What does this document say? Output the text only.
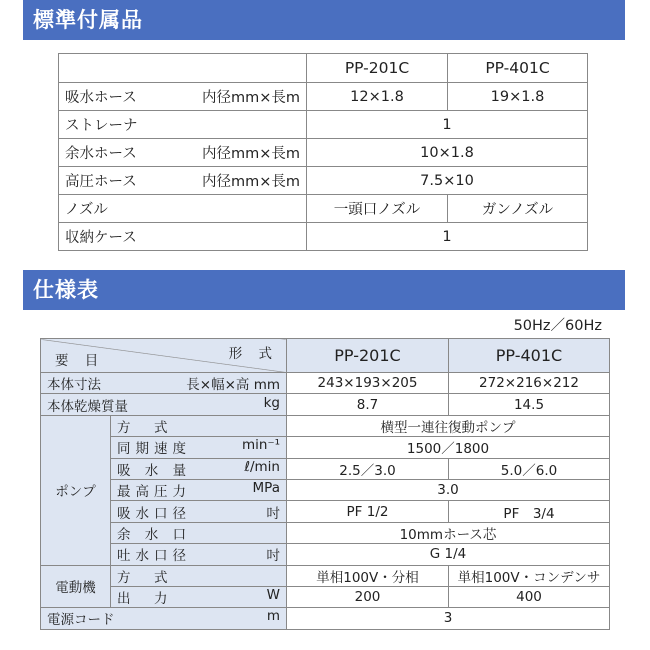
標準付属品
	PP-201C	PP-401C
吸水ホース 内径mm×長m	12×1.8	19×1.8
ストレーナ	1	
余水ホース 内径mm×長m	10×1.8	
高圧ホース 内径mm×長m	7.5×10	
ノズル	一頭口ノズル	ガンノズル
収納ケース	1	
仕様表
50Hz／60Hz
形 式
要 目		PP-201C	PP-401C
本体寸法 長×幅×高 mm		243×193×205	272×216×212
本体乾燥質量 kg		8.7	14.5
ポンプ	方　式	横型一連往復動ポンプ	
	同期速度 min⁻¹	1500／1800	
	吸 水 量 ℓ/min	2.5／3.0	5.0／6.0
	最高圧力 MPa	3.0	
	吸水口径 吋	PF 1/2	PF　3/4
	余 水 口	10mmホース芯	
	吐水口径 吋	G 1/4	
電動機	方　式	単相100V・分相	単相100V・コンデンサ
	出　力 W	200	400
電源コード m		3	
